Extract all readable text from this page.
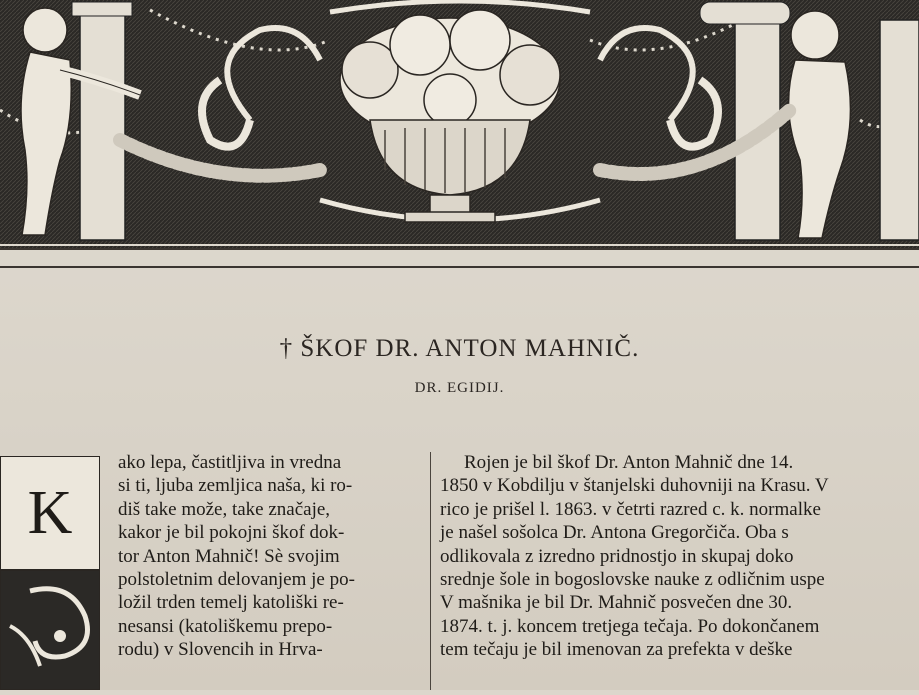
† ŠKOF DR. ANTON MAHNIČ.
DR. EGIDIJ.
K
ako lepa, častitljiva in vredna
si ti, ljuba zemljica naša, ki ro-
diš take može, take značaje,
kakor je bil pokojni škof dok-
tor Anton Mahnič! Sè svojim
polstoletnim delovanjem je po-
ložil trden temelj katoliški re-
nesansi (katoliškemu prepo-
rodu) v Slovencih in Hrva-
Rojen je bil škof Dr. Anton Mahnič dne 14.
1850 v Kobdilju v štanjelski duhovniji na Krasu. V
rico je prišel l. 1863. v četrti razred c. k. normalke
je našel sošolca Dr. Antona Gregorčiča. Oba s
odlikovala z izredno pridnostjo in skupaj doko
srednje šole in bogoslovske nauke z odličnim uspe
V mašnika je bil Dr. Mahnič posvečen dne 30.
1874. t. j. koncem tretjega tečaja. Po dokončanem
tem tečaju je bil imenovan za prefekta v deške
